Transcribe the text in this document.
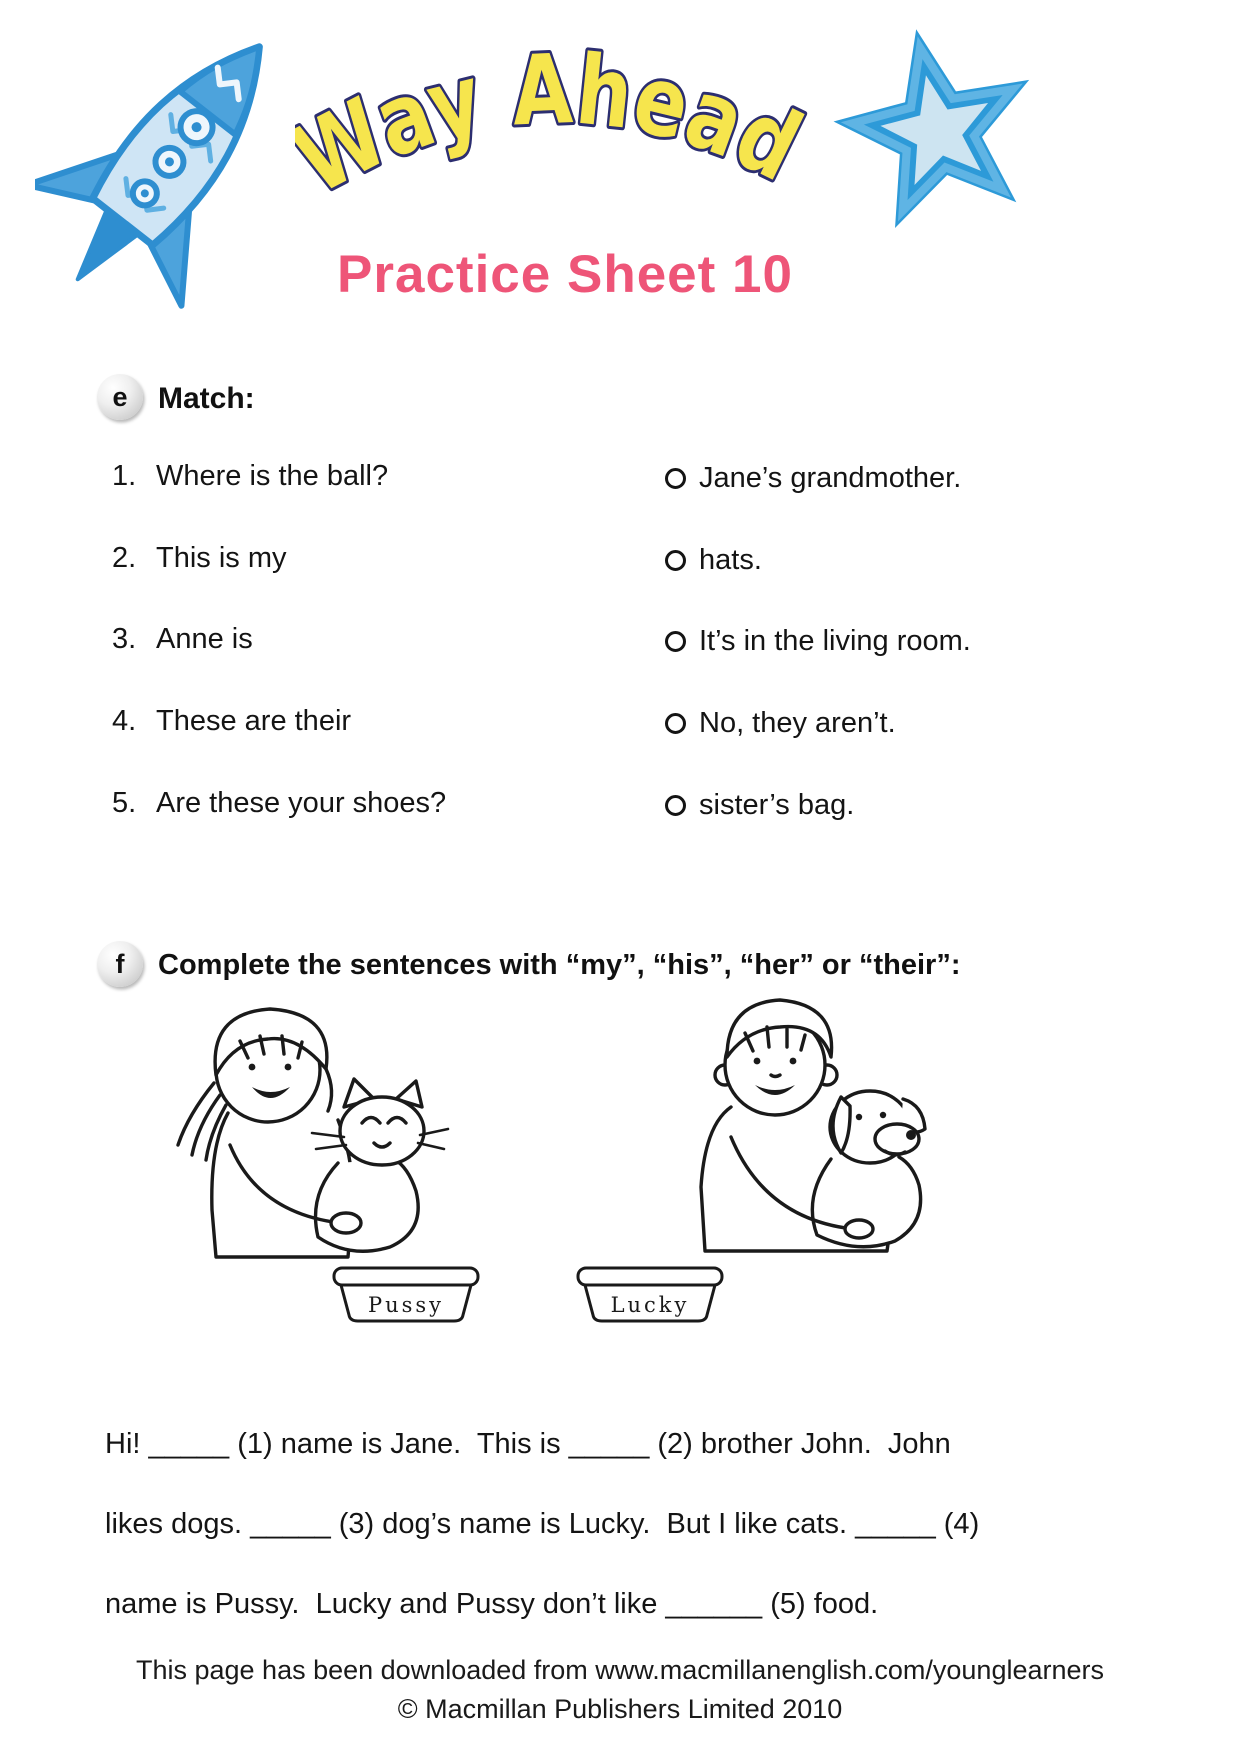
ay Ahead
Practice Sheet 10
e Match:
1. Where is the ball?	Jane’s grandmother.
2. This is my	hats.
3. Anne is	It’s in the living room.
4. These are their	No, they aren’t.
5. Are these your shoes?	sister’s bag.
f Complete the sentences with “my”, “his”, “her” or “their”:
Pussy	Lucky
Hi! _____ (1) name is Jane.  This is _____ (2) brother John.  John
likes dogs. _____ (3) dog’s name is Lucky.  But I like cats. _____ (4)
name is Pussy.  Lucky and Pussy don’t like ______ (5) food.
This page has been downloaded from www.macmillanenglish.com/younglearners
© Macmillan Publishers Limited 2010
